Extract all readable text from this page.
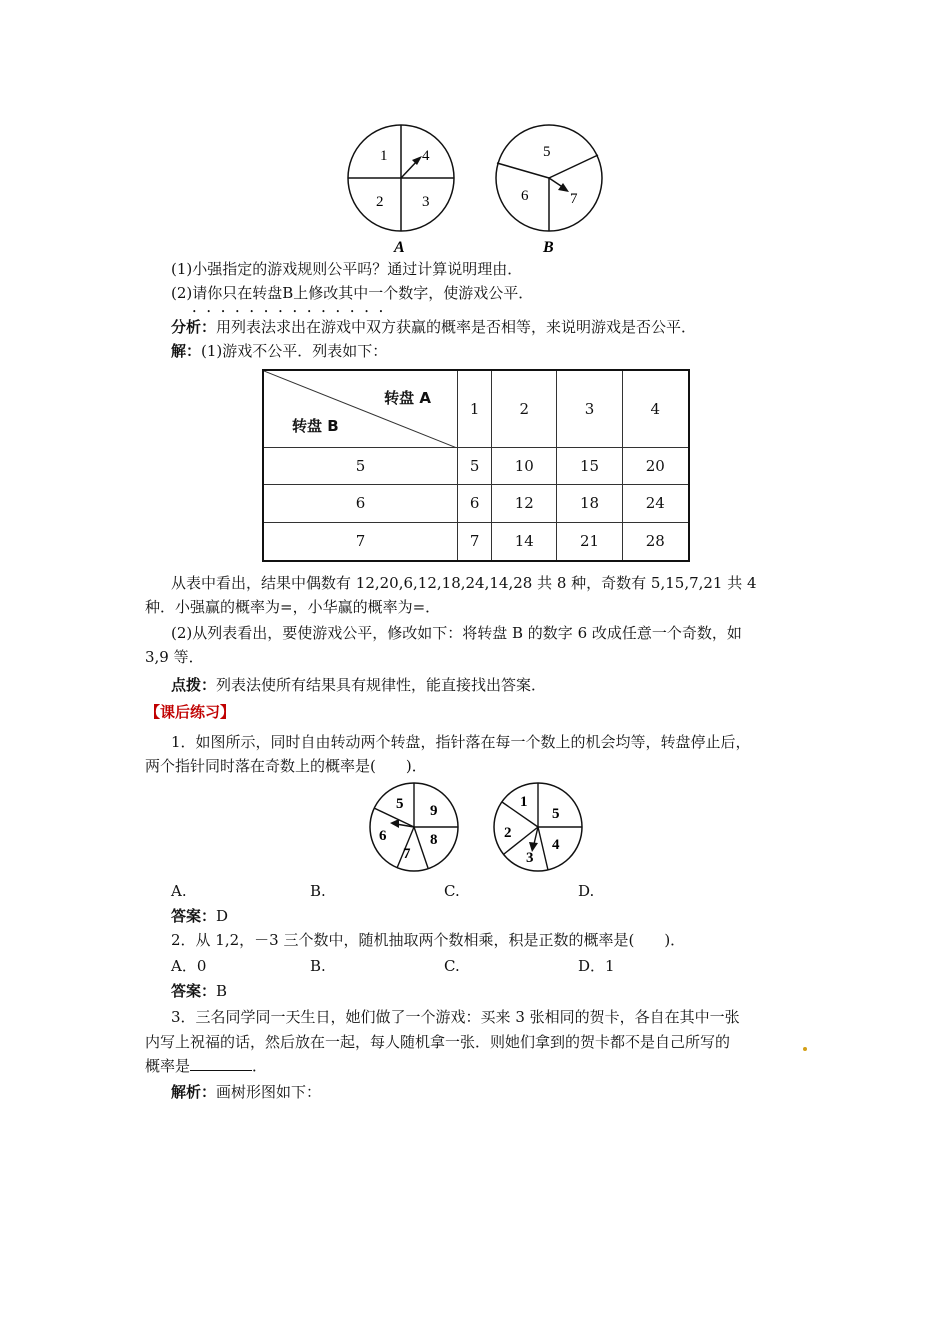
1 4
2	3
A
5
6	7
B
(1)小强指定的游戏规则公平吗？通过计算说明理由．
(2)请你只在转盘B上修改其中一个数字 • • •，使游戏公平．
分析：用列表法求出在游戏中双方获赢的概率是否相等，来说明游戏是否公平．
解：(1)游戏不公平．列表如下：
转盘 A
转盘 B	1	2	3	4
5	5	10	15	20
6	6	12	18	24
7	7	14	21	28
从表中看出，结果中偶数有 12,20,6,12,18,24,14,28 共 8 种，奇数有 5,15,7,21 共 4
种．小强赢的概率为=，小华赢的概率为=．
(2)从列表看出，要使游戏公平，修改如下：将转盘 B 的数字 6 改成任意一个奇数，如
3,9 等．
点拨：列表法使所有结果具有规律性，能直接找出答案．
【课后练习】
1．如图所示，同时自由转动两个转盘，指针落在每一个数上的机会均等，转盘停止后，
两个指针同时落在奇数上的概率是(　　)．
5 9
6	8
7
1
5
2
4
3
A.	B.	C.	D.
答案：D
2．从 1,2，－3 三个数中，随机抽取两个数相乘，积是正数的概率是(　　)．
A．0	B.	C.	D．1
答案：B
3．三名同学同一天生日，她们做了一个游戏：买来 3 张相同的贺卡，各自在其中一张
内写上祝福的话，然后放在一起，每人随机拿一张．则她们拿到的贺卡都不是自己所写的
概率是	．
解析：画树形图如下：
